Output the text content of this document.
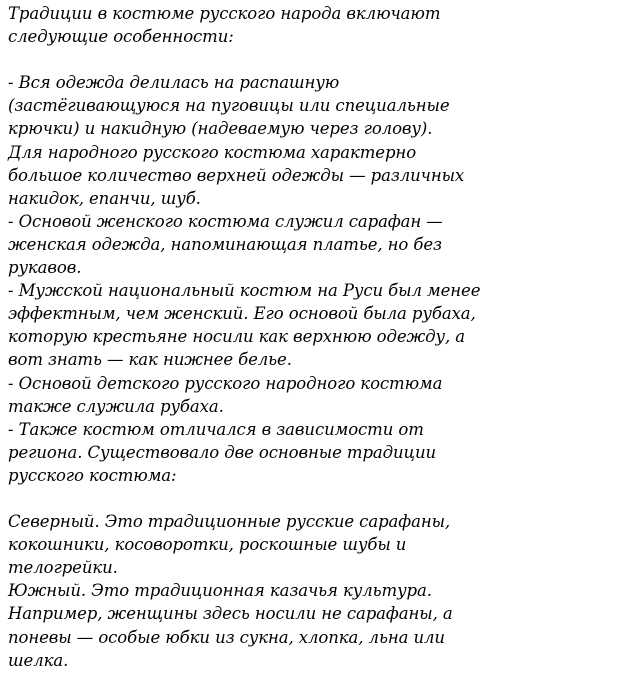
Традиции в костюме русского народа включают
следующие особенности:
- Вся одежда делилась на распашную
(застёгивающуюся на пуговицы или специальные
крючки) и накидную (надеваемую через голову).
Для народного русского костюма характерно
большое количество верхней одежды — различных
накидок, епанчи, шуб.
- Основой женского костюма служил сарафан —
женская одежда, напоминающая платье, но без
рукавов.
- Мужской национальный костюм на Руси был менее
эффектным, чем женский. Его основой была рубаха,
которую крестьяне носили как верхнюю одежду, а
вот знать — как нижнее белье.
- Основой детского русского народного костюма
также служила рубаха.
- Также костюм отличался в зависимости от
региона. Существовало две основные традиции
русского костюма:
Северный. Это традиционные русские сарафаны,
кокошники, косоворотки, роскошные шубы и
телогрейки.
Южный. Это традиционная казачья культура.
Например, женщины здесь носили не сарафаны, а
поневы — особые юбки из сукна, хлопка, льна или
шелка.
